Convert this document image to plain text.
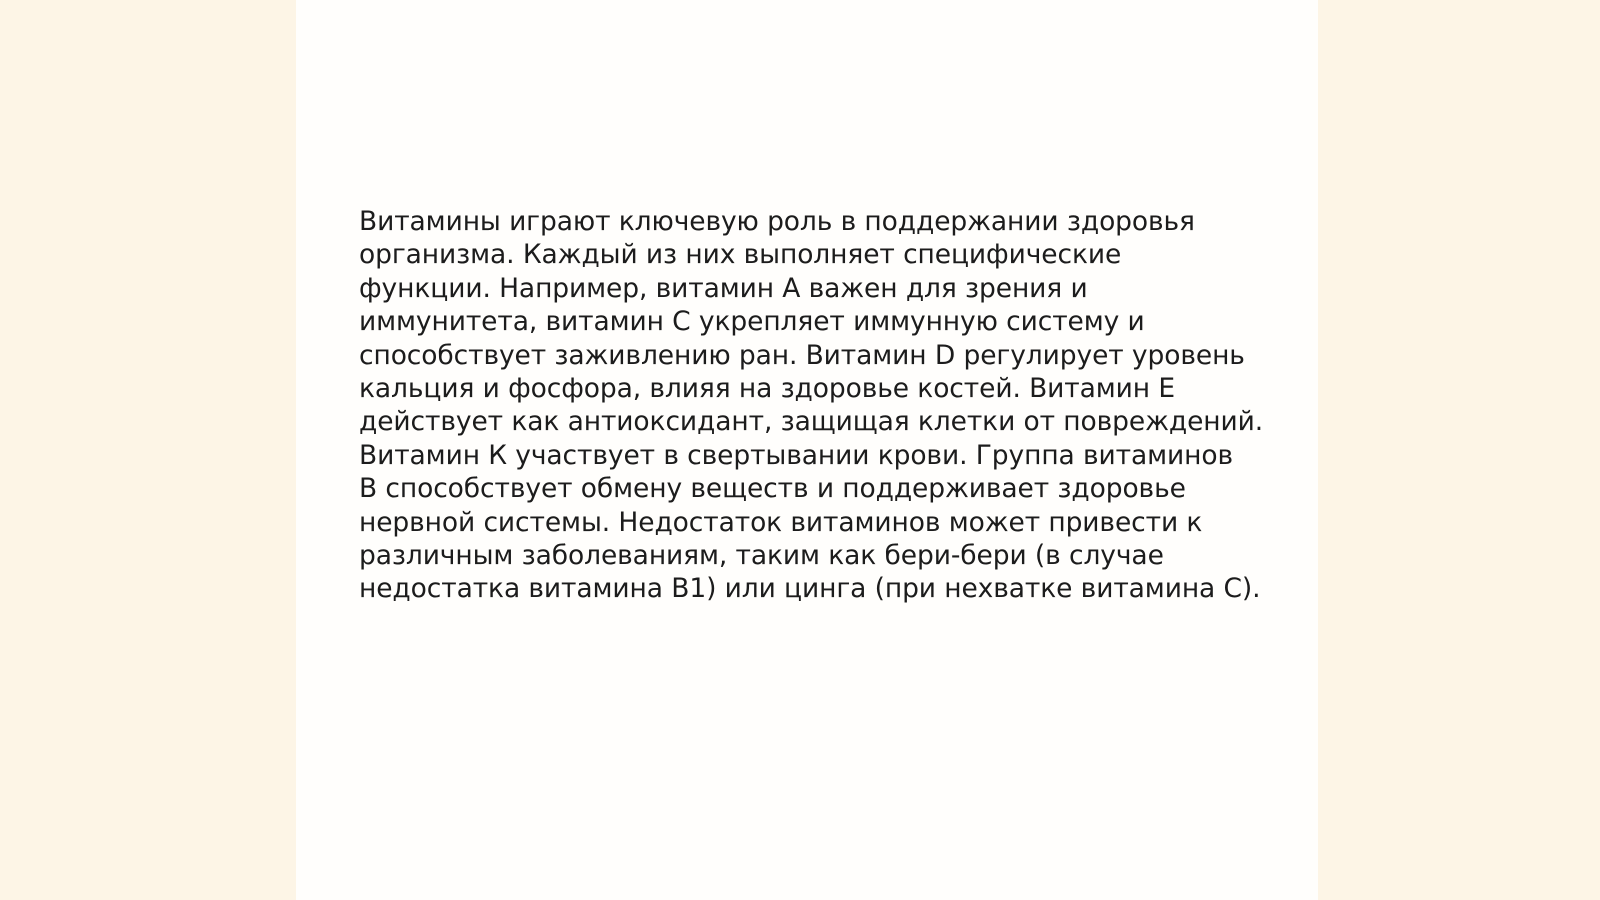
Витамины играют ключевую роль в поддержании здоровья
организма. Каждый из них выполняет специфические
функции. Например, витамин А важен для зрения и
иммунитета, витамин С укрепляет иммунную систему и
способствует заживлению ран. Витамин D регулирует уровень
кальция и фосфора, влияя на здоровье костей. Витамин Е
действует как антиоксидант, защищая клетки от повреждений.
Витамин К участвует в свертывании крови. Группа витаминов
В способствует обмену веществ и поддерживает здоровье
нервной системы. Недостаток витаминов может привести к
различным заболеваниям, таким как бери-бери (в случае
недостатка витамина В1) или цинга (при нехватке витамина С).
